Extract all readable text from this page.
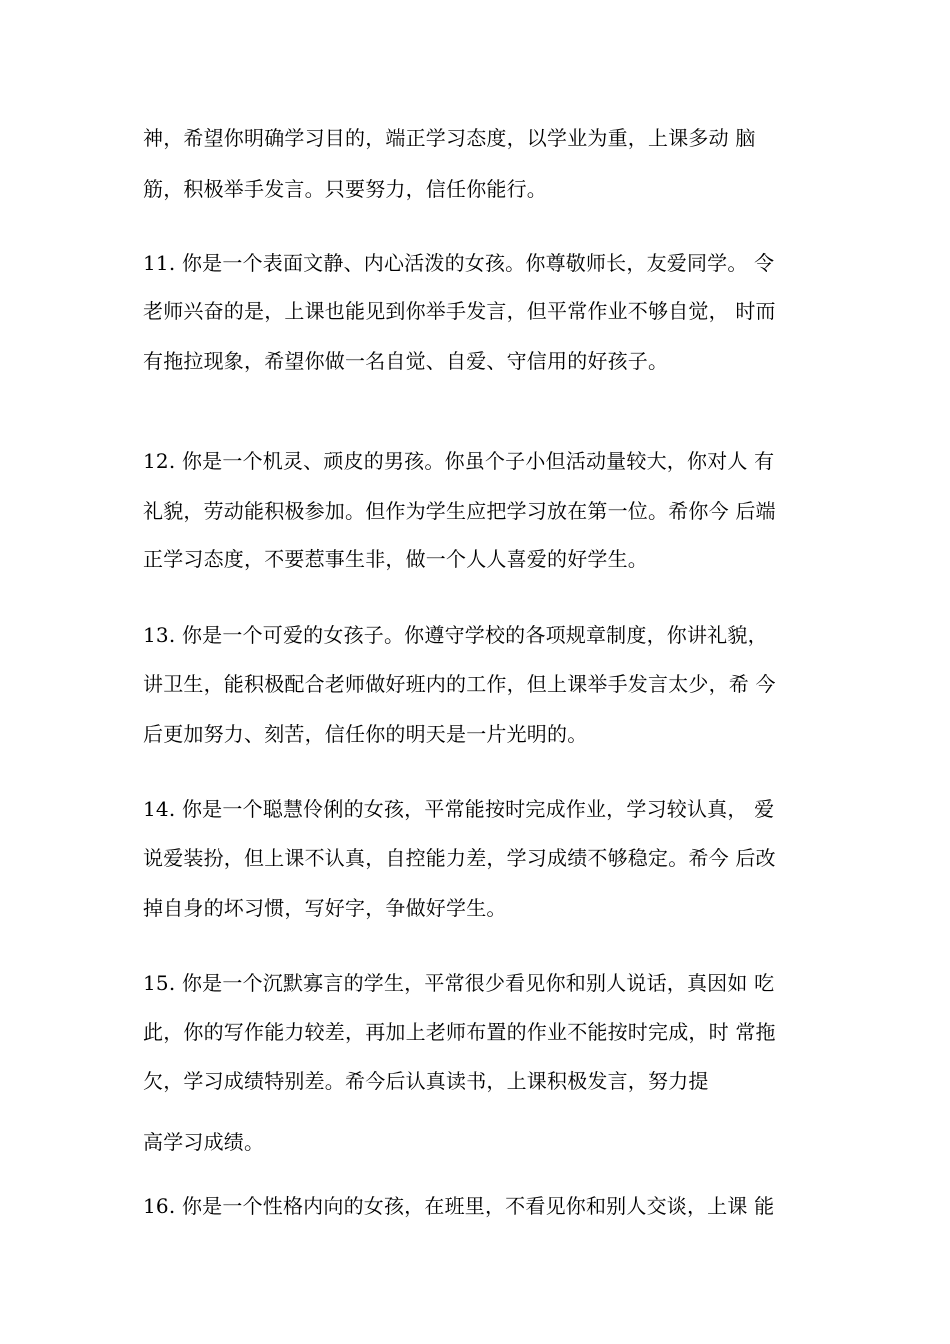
神，希望你明确学习目的，端正学习态度，以学业为重，上课多动 脑
筋，积极举手发言。只要努力，信任你能行。
11. 你是一个表面文静、内心活泼的女孩。你尊敬师长，友爱同学。 令
老师兴奋的是，上课也能见到你举手发言，但平常作业不够自觉， 时而
有拖拉现象，希望你做一名自觉、自爱、守信用的好孩子。
12. 你是一个机灵、顽皮的男孩。你虽个子小但活动量较大，你对人 有
礼貌，劳动能积极参加。但作为学生应把学习放在第一位。希你今 后端
正学习态度，不要惹事生非，做一个人人喜爱的好学生。
13. 你是一个可爱的女孩子。你遵守学校的各项规章制度，你讲礼貌，
讲卫生，能积极配合老师做好班内的工作，但上课举手发言太少，希 今
后更加努力、刻苦，信任你的明天是一片光明的。
14. 你是一个聪慧伶俐的女孩，平常能按时完成作业，学习较认真， 爱
说爱装扮，但上课不认真，自控能力差，学习成绩不够稳定。希今 后改
掉自身的坏习惯，写好字，争做好学生。
15. 你是一个沉默寡言的学生，平常很少看见你和别人说话，真因如 吃
此，你的写作能力较差，再加上老师布置的作业不能按时完成，时 常拖
欠，学习成绩特别差。希今后认真读书，上课积极发言，努力提
高学习成绩。
16. 你是一个性格内向的女孩，在班里，不看见你和别人交谈，上课 能
